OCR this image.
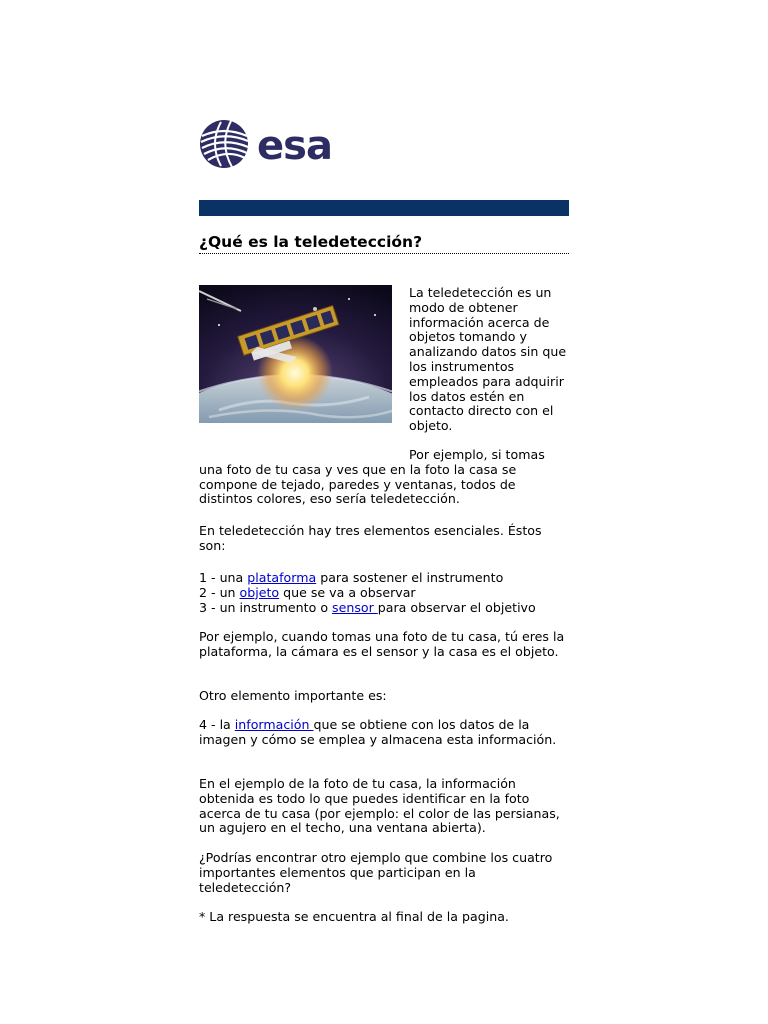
esa
¿Qué es la teledetección?

La teledetección es un modo de obtener información acerca de objetos tomando y analizando datos sin que los instrumentos empleados para adquirir los datos estén en contacto directo con el objeto.

Por ejemplo, si tomas
una foto de tu casa y ves que en la foto la casa se compone de tejado, paredes y ventanas, todos de distintos colores, eso sería teledetección.

En teledetección hay tres elementos esenciales. Éstos son:

1 - una plataforma para sostener el instrumento
2 - un objeto que se va a observar
3 - un instrumento o sensor para observar el objetivo

Por ejemplo, cuando tomas una foto de tu casa, tú eres la plataforma, la cámara es el sensor y la casa es el objeto.

Otro elemento importante es:

4 - la información que se obtiene con los datos de la imagen y cómo se emplea y almacena esta información.

En el ejemplo de la foto de tu casa, la información obtenida es todo lo que puedes identificar en la foto acerca de tu casa (por ejemplo: el color de las persianas, un agujero en el techo, una ventana abierta).

¿Podrías encontrar otro ejemplo que combine los cuatro importantes elementos que participan en la teledetección?

* La respuesta se encuentra al final de la pagina.
